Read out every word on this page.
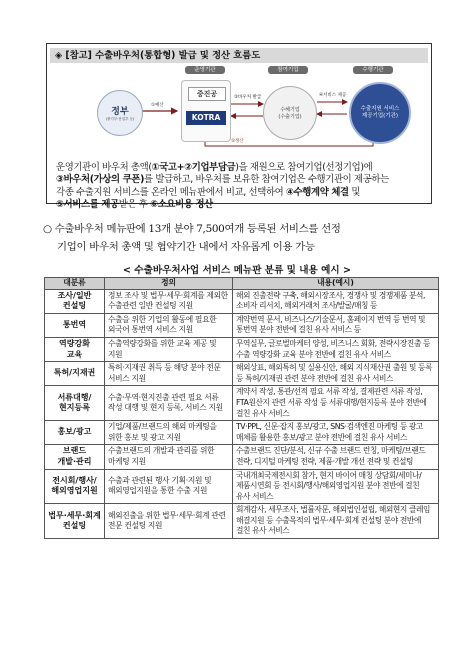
◈ [참고] 수출바우처(통합형) 발급 및 정산 흐름도
운영기관	참여기업	수행기관
정부
(중기부·산업부 등)
①예산
중진공
KOTRA
②바우처 발급
수혜기업
(수출기업)
④서비스 제공
수출지원 서비스
제공기업(기관)
⑤정산

운영기관이 바우처 총액(①국고+②기업부담금)을 재원으로 참여기업(선정기업)에

③바우처(가상의 쿠폰)를 발급하고, 바우처를 보유한 참여기업은 수행기관이 제공하는

각종 수출지원 서비스를 온라인 메뉴판에서 비교, 선택하여 ④수행계약 체결 및

⑤서비스를 제공받은 후 ⑥소요비용 정산

○ 수출바우처 메뉴판에 13개 분야 7,500여개 등록된 서비스를 선정

기업이 바우처 총액 및 협약기간 내에서 자유롭게 이용 가능

< 수출바우처사업 서비스 메뉴판 분류 및 내용 예시 >
대분류	정의	내용(예시)
조사/일반
컨설팅	정보 조사 및 법무·세무·회계를 제외한 수출관련 일반 컨설팅 지원	해외 진출전략 구축, 해외시장조사, 경쟁사 및 경쟁제품 분석, 소비자 리서치, 해외거래처 조사/발굴/매칭 등
통번역	수출을 위한 기업의 활동에 필요한 외국어 통번역 서비스 지원	계약번역 문서, 비즈니스/기술문서, 홈페이지 번역 등 번역 및 통번역 분야 전반에 걸친 유사 서비스 등
역량강화
교육	수출역량강화를 위한 교육 제공 및 지원	무역실무, 글로벌마케터 양성, 비즈니스 회화, 전략시장진출 등 수출 역량강화 교육 분야 전반에 걸친 유사 서비스
특허/지재권	특허·지재권 취득 등 해당 분야 전문 서비스 지원	해외상표, 해외특허 및 실용신안, 해외 지식재산권 출원 및 등록 등 특허/지재권 관련 분야 전반에 걸친 유사 서비스
서류대행/
현지등록	수출·무역·현지진출 관련 필요 서류 작성 대행 및 현지 등록, 서비스 지원	계약서 작성, 통관/선적 필요 서류 작성, 결제관련 서류 작성, FTA원산지 관련 서류 작성 등 서류대행/현지등록 분야 전반에 걸친 유사 서비스
홍보/광고	기업/제품/브랜드의 해외 마케팅을 위한 홍보 및 광고 지원	TV·PPL, 신문·잡지 홍보/광고, SNS·검색엔진 마케팅 등 광고 매체를 활용한 홍보/광고 분야 전반에 걸친 유사 서비스
브랜드
개발·관리	수출브랜드의 개발과 관리를 위한 마케팅 지원	수출브랜드 진단/분석, 신규 수출 브랜드 런칭, 마케팅/브랜드 전략, 디지털 마케팅 전략, 제품·개발 개선 전략 및 컨설팅
전시회/행사/
해외영업지원	수출과 관련된 행사 기획·지원 및 해외영업지원을 통한 수출 지원	국내개최국제전시회 참가, 현지 바이어 매칭 상담회/세미나/제품시연회 등 전시회/행사/해외영업지원 분야 전반에 걸친 유사 서비스
법무·세무·회계
컨설팅	해외진출을 위한 법무·세무·회계 관련 전문 컨설팅 지원	회계감사, 세무조사, 법률자문, 해외법인설립, 해외현지 클레임 해결지원 등 수출목적의 법무·세무·회계 컨설팅 분야 전반에 걸친 유사 서비스
